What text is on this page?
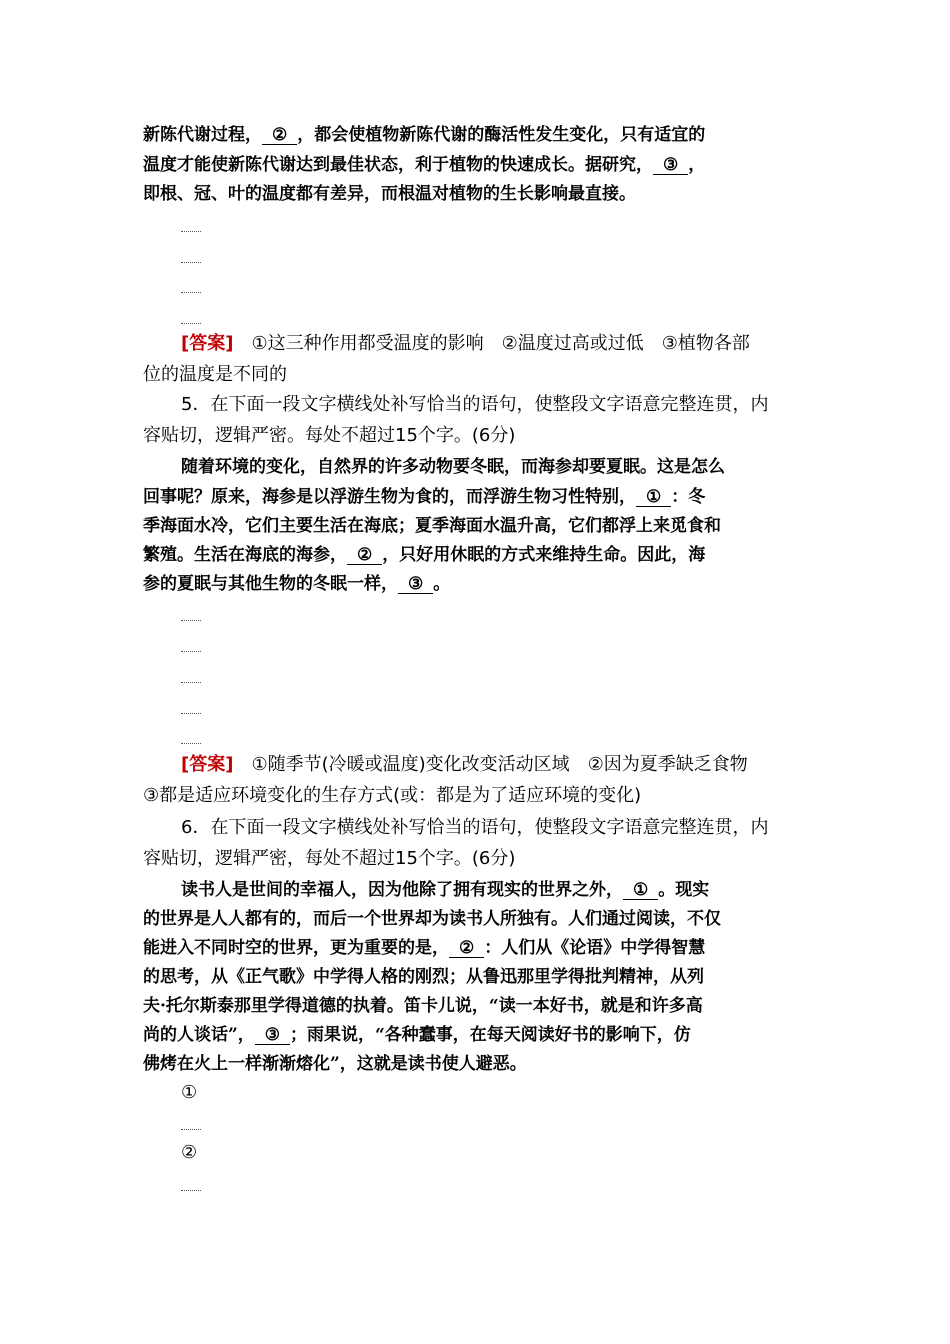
新陈代谢过程， ② ，都会使植物新陈代谢的酶活性发生变化，只有适宜的
温度才能使新陈代谢达到最佳状态，利于植物的快速成长。据研究， ③ ，
即根、冠、叶的温度都有差异，而根温对植物的生长影响最直接。
[答案]　 ①这三种作用都受温度的影响　②温度过高或过低　③植物各部
位的温度是不同的
5．在下面一段文字横线处补写恰当的语句，使整段文字语意完整连贯，内
容贴切，逻辑严密。每处不超过15个字。(6分)
随着环境的变化，自然界的许多动物要冬眠，而海参却要夏眠。这是怎么
回事呢？原来，海参是以浮游生物为食的，而浮游生物习性特别， ① ：冬
季海面水冷，它们主要生活在海底；夏季海面水温升高，它们都浮上来觅食和
繁殖。生活在海底的海参， ② ，只好用休眠的方式来维持生命。因此，海
参的夏眠与其他生物的冬眠一样， ③ 。
[答案]　 ①随季节(冷暖或温度)变化改变活动区域　②因为夏季缺乏食物
③都是适应环境变化的生存方式(或：都是为了适应环境的变化)
6．在下面一段文字横线处补写恰当的语句，使整段文字语意完整连贯，内
容贴切，逻辑严密，每处不超过15个字。(6分)
读书人是世间的幸福人，因为他除了拥有现实的世界之外， ① 。现实
的世界是人人都有的，而后一个世界却为读书人所独有。人们通过阅读，不仅
能进入不同时空的世界，更为重要的是， ② ：人们从《论语》中学得智慧
的思考，从《正气歌》中学得人格的刚烈；从鲁迅那里学得批判精神，从列
夫·托尔斯泰那里学得道德的执着。笛卡儿说，“读一本好书，就是和许多高
尚的人谈话”， ③ ；雨果说，“各种蠢事，在每天阅读好书的影响下，仿
佛烤在火上一样渐渐熔化”，这就是读书使人避恶。
①
②
